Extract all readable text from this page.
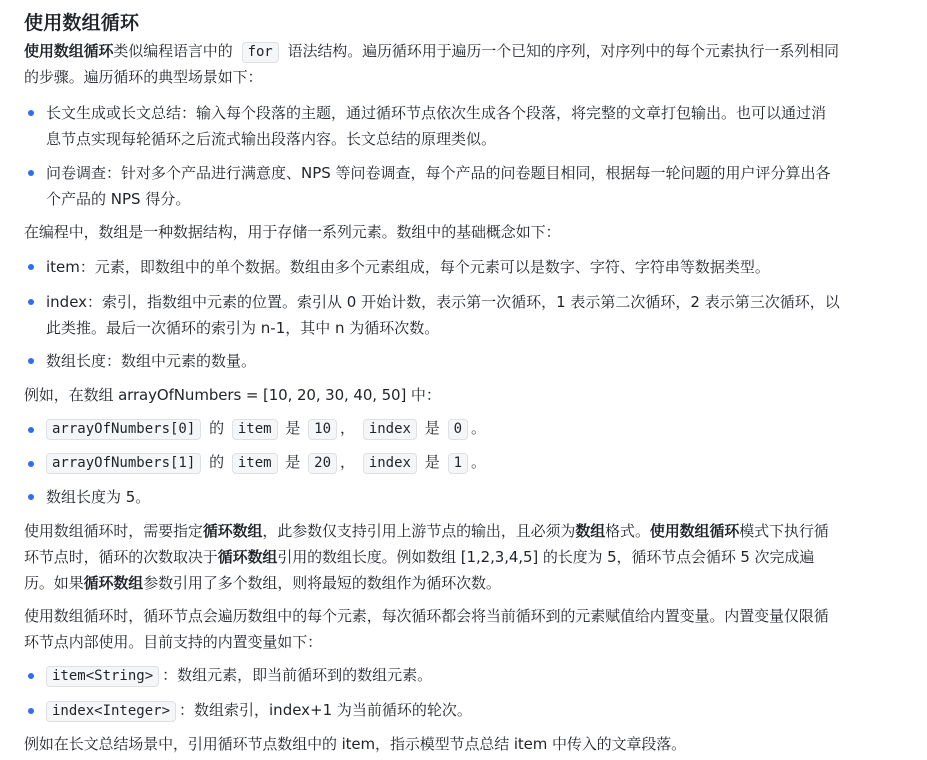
使用数组循环
使用数组循环类似编程语言中的 for 语法结构。遍历循环用于遍历一个已知的序列，对序列中的每个元素执行一系列相同
的步骤。遍历循环的典型场景如下：
长文生成或长文总结：输入每个段落的主题，通过循环节点依次生成各个段落，将完整的文章打包输出。也可以通过消
息节点实现每轮循环之后流式输出段落内容。长文总结的原理类似。
问卷调查：针对多个产品进行满意度、NPS 等问卷调查，每个产品的问卷题目相同，根据每一轮问题的用户评分算出各
个产品的 NPS 得分。
在编程中，数组是一种数据结构，用于存储一系列元素。数组中的基础概念如下：
item：元素，即数组中的单个数据。数组由多个元素组成，每个元素可以是数字、字符、字符串等数据类型。
index：索引，指数组中元素的位置。索引从 0 开始计数，表示第一次循环，1 表示第二次循环，2 表示第三次循环，以
此类推。最后一次循环的索引为 n-1，其中 n 为循环次数。
数组长度：数组中元素的数量。
例如，在数组 arrayOfNumbers = [10, 20, 30, 40, 50] 中：
arrayOfNumbers[0] 的 item 是 10 ， index 是 0 。
arrayOfNumbers[1] 的 item 是 20 ， index 是 1 。
数组长度为 5。
使用数组循环时，需要指定循环数组，此参数仅支持引用上游节点的输出，且必须为数组格式。使用数组循环模式下执行循
环节点时，循环的次数取决于循环数组引用的数组长度。例如数组 [1,2,3,4,5] 的长度为 5，循环节点会循环 5 次完成遍
历。如果循环数组参数引用了多个数组，则将最短的数组作为循环次数。
使用数组循环时，循环节点会遍历数组中的每个元素，每次循环都会将当前循环到的元素赋值给内置变量。内置变量仅限循
环节点内部使用。目前支持的内置变量如下：
item<String> ：数组元素，即当前循环到的数组元素。
index<Integer> ：数组索引，index+1 为当前循环的轮次。
例如在长文总结场景中，引用循环节点数组中的 item，指示模型节点总结 item 中传入的文章段落。
